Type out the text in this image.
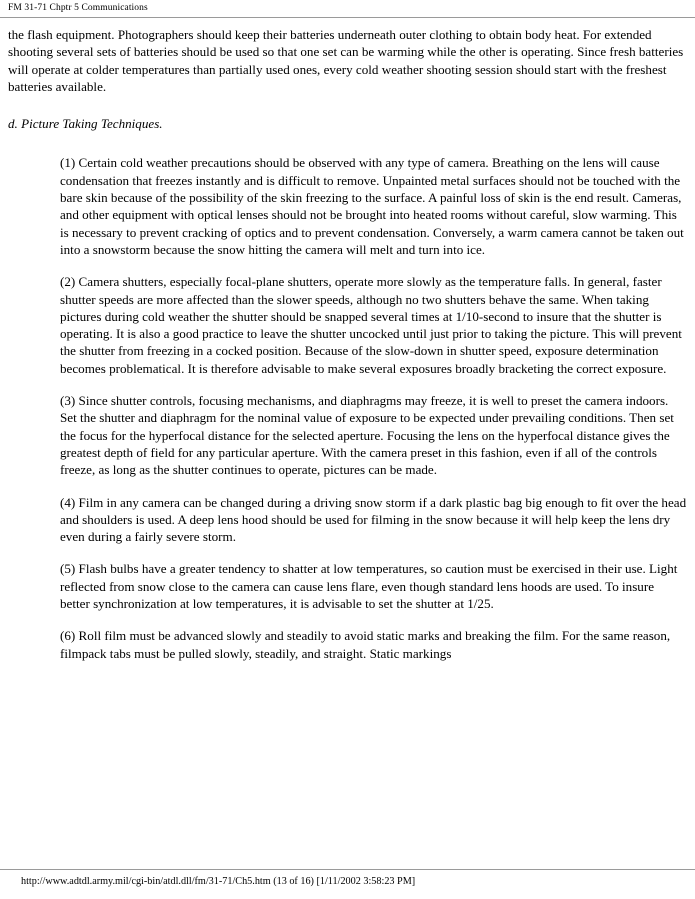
FM 31-71 Chptr 5 Communications

the flash equipment. Photographers should keep their batteries underneath outer clothing to obtain body heat. For extended shooting several sets of batteries should be used so that one set can be warming while the other is operating. Since fresh batteries will operate at colder temperatures than partially used ones, every cold weather shooting session should start with the freshest batteries available.

d. Picture Taking Techniques.

(1) Certain cold weather precautions should be observed with any type of camera. Breathing on the lens will cause condensation that freezes instantly and is difficult to remove. Unpainted metal surfaces should not be touched with the bare skin because of the possibility of the skin freezing to the surface. A painful loss of skin is the end result. Cameras, and other equipment with optical lenses should not be brought into heated rooms without careful, slow warming. This is necessary to prevent cracking of optics and to prevent condensation. Conversely, a warm camera cannot be taken out into a snowstorm because the snow hitting the camera will melt and turn into ice.

(2) Camera shutters, especially focal-plane shutters, operate more slowly as the temperature falls. In general, faster shutter speeds are more affected than the slower speeds, although no two shutters behave the same. When taking pictures during cold weather the shutter should be snapped several times at 1/10-second to insure that the shutter is operating. It is also a good practice to leave the shutter uncocked until just prior to taking the picture. This will prevent the shutter from freezing in a cocked position. Because of the slow-down in shutter speed, exposure determination becomes problematical. It is therefore advisable to make several exposures broadly bracketing the correct exposure.

(3) Since shutter controls, focusing mechanisms, and diaphragms may freeze, it is well to preset the camera indoors. Set the shutter and diaphragm for the nominal value of exposure to be expected under prevailing conditions. Then set the focus for the hyperfocal distance for the selected aperture. Focusing the lens on the hyperfocal distance gives the greatest depth of field for any particular aperture. With the camera preset in this fashion, even if all of the controls freeze, as long as the shutter continues to operate, pictures can be made.

(4) Film in any camera can be changed during a driving snow storm if a dark plastic bag big enough to fit over the head and shoulders is used. A deep lens hood should be used for filming in the snow because it will help keep the lens dry even during a fairly severe storm.

(5) Flash bulbs have a greater tendency to shatter at low temperatures, so caution must be exercised in their use. Light reflected from snow close to the camera can cause lens flare, even though standard lens hoods are used. To insure better synchronization at low temperatures, it is advisable to set the shutter at 1/25.

(6) Roll film must be advanced slowly and steadily to avoid static marks and breaking the film. For the same reason, filmpack tabs must be pulled slowly, steadily, and straight. Static markings

http://www.adtdl.army.mil/cgi-bin/atdl.dll/fm/31-71/Ch5.htm (13 of 16) [1/11/2002 3:58:23 PM]
